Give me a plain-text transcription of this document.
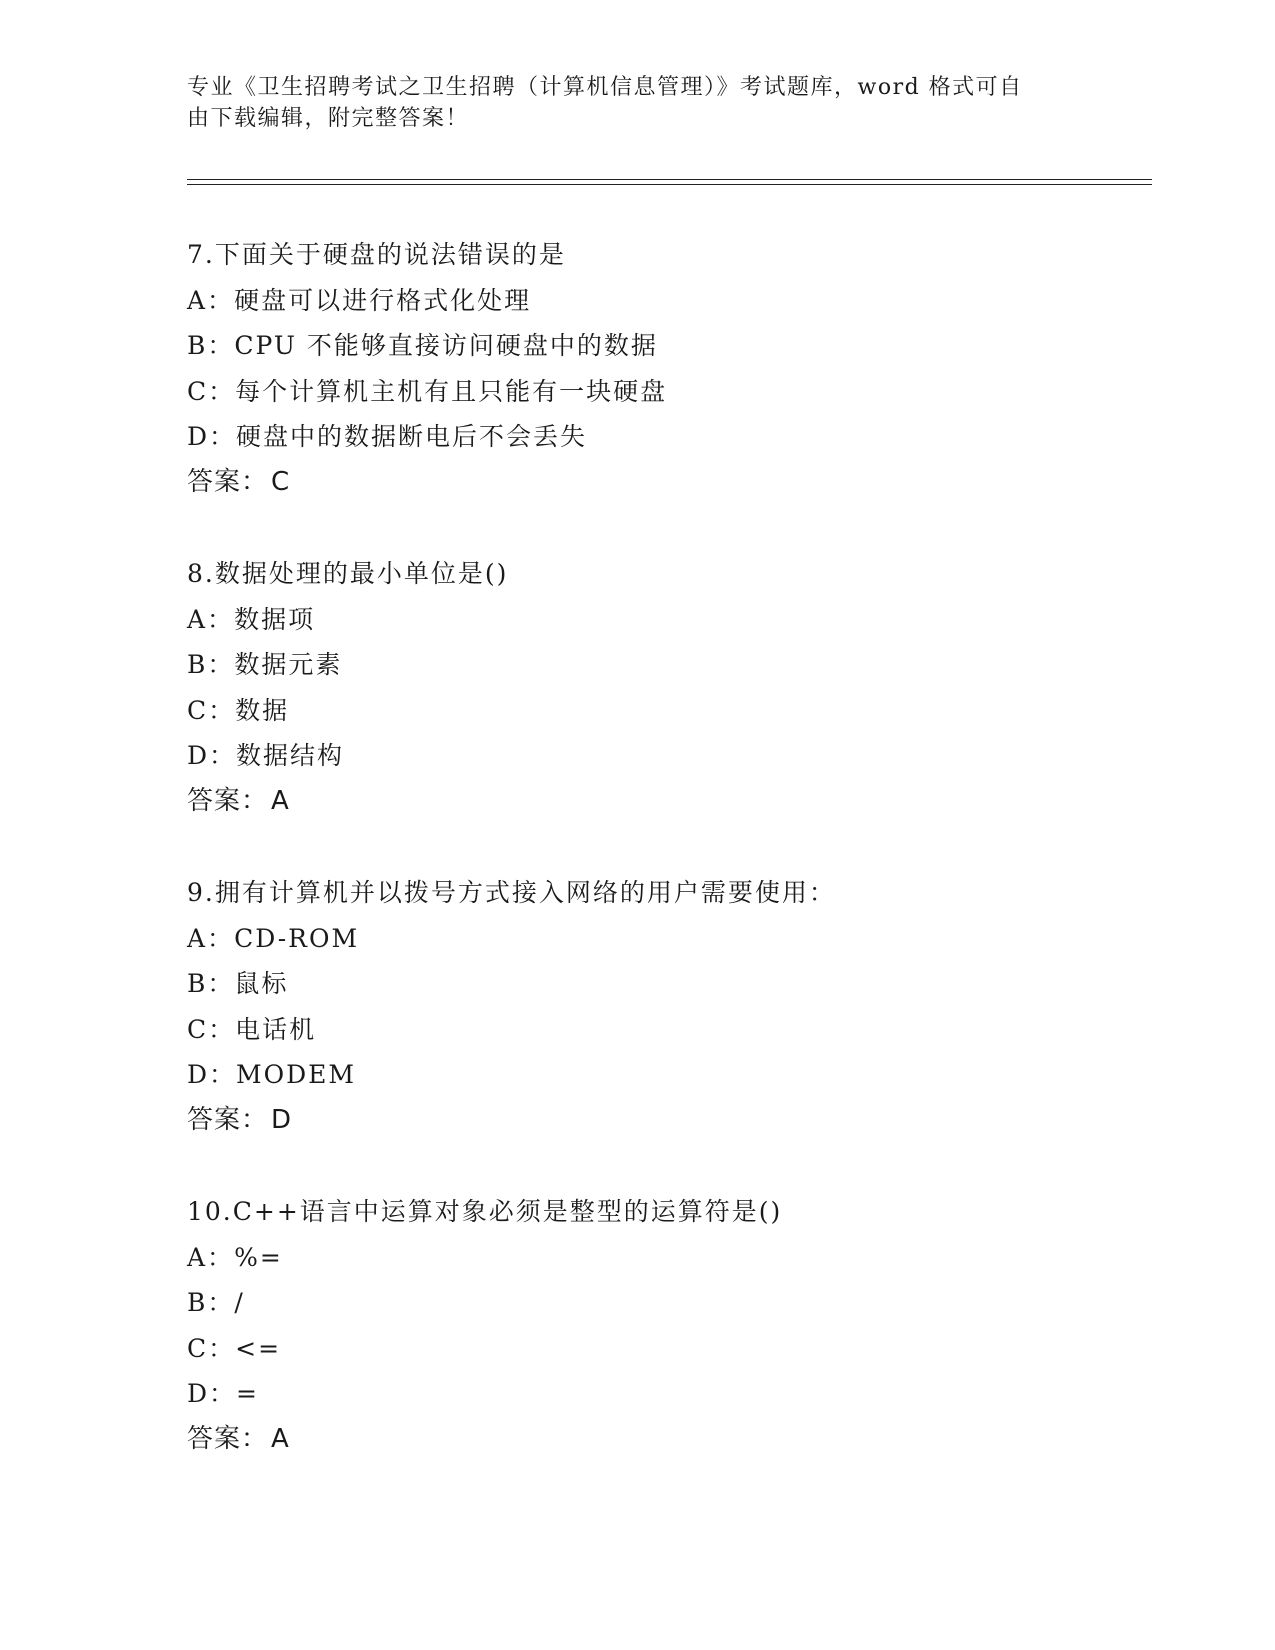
专业《卫生招聘考试之卫生招聘（计算机信息管理）》考试题库，word 格式可自
由下载编辑，附完整答案！
7.下面关于硬盘的说法错误的是
A：硬盘可以进行格式化处理
B：CPU 不能够直接访问硬盘中的数据
C：每个计算机主机有且只能有一块硬盘
D：硬盘中的数据断电后不会丢失
答案： C
8.数据处理的最小单位是()
A：数据项
B：数据元素
C：数据
D：数据结构
答案： A
9.拥有计算机并以拨号方式接入网络的用户需要使用：
A：CD-ROM
B：鼠标
C：电话机
D：MODEM
答案： D
10.C++语言中运算对象必须是整型的运算符是()
A：%=
B：/
C：<=
D：=
答案： A
